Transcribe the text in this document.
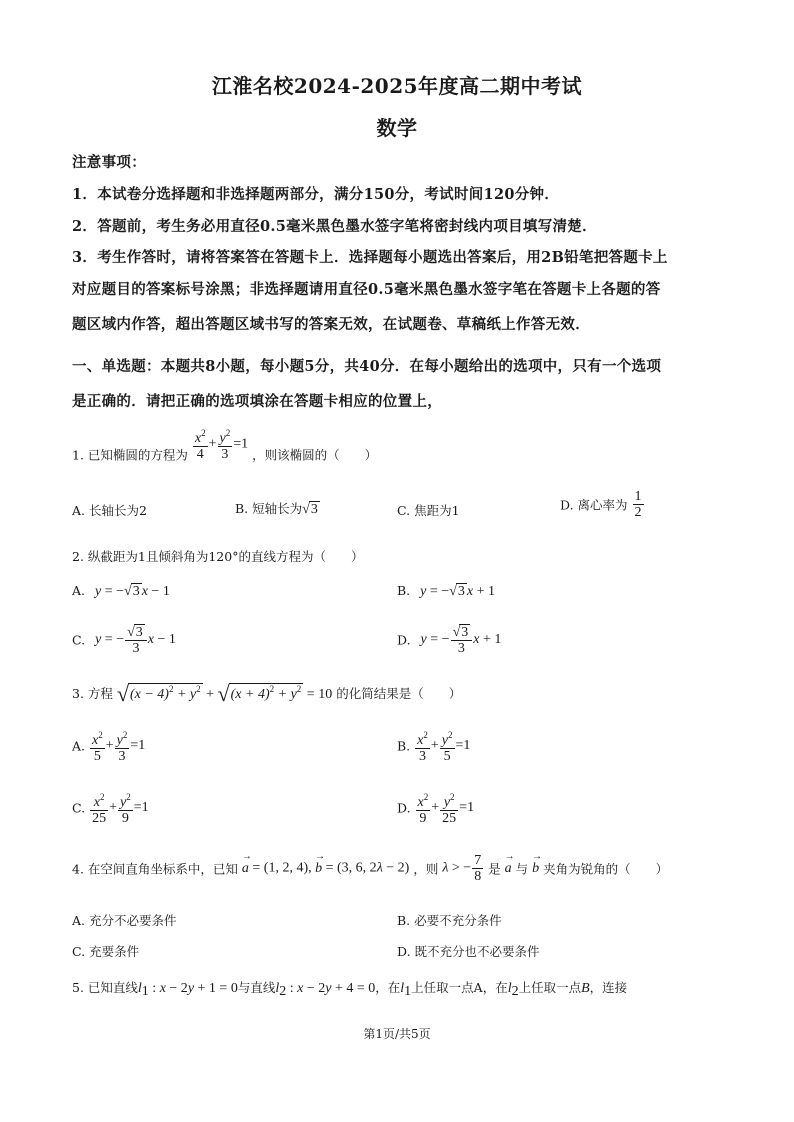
江淮名校2024-2025年度高二期中考试
数学
注意事项：
1．本试卷分选择题和非选择题两部分，满分150分，考试时间120分钟．
2．答题前，考生务必用直径0.5毫米黑色墨水签字笔将密封线内项目填写清楚．
3．考生作答时，请将答案答在答题卡上．选择题每小题选出答案后，用2B铅笔把答题卡上
对应题目的答案标号涂黑；非选择题请用直径0.5毫米黑色墨水签字笔在答题卡上各题的答
题区域内作答，超出答题区域书写的答案无效，在试题卷、草稿纸上作答无效．
一、单选题：本题共8小题，每小题5分，共40分．在每小题给出的选项中，只有一个选项
是正确的．请把正确的选项填涂在答题卡相应的位置上，
1. 已知椭圆的方程为 $\frac{x^2}{4} + \frac{y^2}{3} =1$ ，则该椭圆的（　　）
A. 长轴长为2	B. 短轴长为√3	C. 焦距为1	D. 离心率为 $\frac{1}{2}$
2. 纵截距为1且倾斜角为120°的直线方程为（　　）
A. y = −√3 x − 1	B. y = −√3 x + 1
C. y = − $\frac{√3}{3}$ x − 1	D. y = − $\frac{√3}{3}$ x + 1
3. 方程 $√(x - 4)^2 + y^2 + √(x + 4)^2 + y^2 = 10$ 的化简结果是（　　）
A. $\frac{x^2}{5} + \frac{y^2}{3} =1$	B. $\frac{x^2}{3} + \frac{y^2}{5} =1$
C. $\frac{x^2}{25} + \frac{y^2}{9} =1$	D. $\frac{x^2}{9} + \frac{y^2}{25} =1$
4. 在空间直角坐标系中，已知 → a = (1, 2, 4), → b = (3, 6, 2λ − 2) ，则 λ > − $\frac{7}{8}$ 是 → a 与 → b 夹角为锐角的（　　）
A. 充分不必要条件	B. 必要不充分条件
C. 充要条件	D. 既不充分也不必要条件
5. 已知直线$l_1$ : x − 2y + 1 = 0与直线$l_2$ : x − 2y + 4 = 0，在$l_1$上任取一点A，在$l_2$上任取一点B，连接
第1页/共5页
